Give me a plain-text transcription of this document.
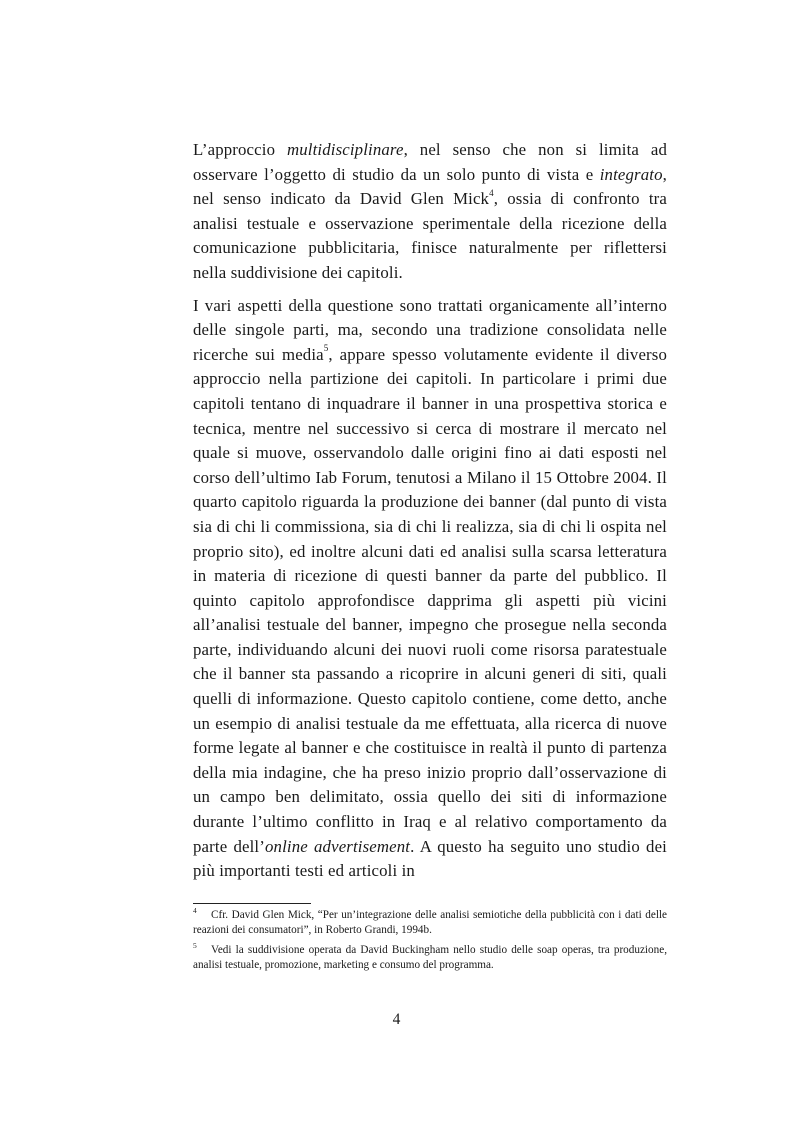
L’approccio multidisciplinare, nel senso che non si limita ad osservare l’oggetto di studio da un solo punto di vista e integrato, nel senso indicato da David Glen Mick$^4$, ossia di confronto tra analisi testuale e osservazione sperimentale della ricezione della comunicazione pubblicitaria, finisce naturalmente per riflettersi nella suddivisione dei capitoli.

I vari aspetti della questione sono trattati organicamente all’interno delle singole parti, ma, secondo una tradizione consolidata nelle ricerche sui media$^5$, appare spesso volutamente evidente il diverso approccio nella partizione dei capitoli. In particolare i primi due capitoli tentano di inquadrare il banner in una prospettiva storica e tecnica, mentre nel successivo si cerca di mostrare il mercato nel quale si muove, osservandolo dalle origini fino ai dati esposti nel corso dell’ultimo Iab Forum, tenutosi a Milano il 15 Ottobre 2004. Il quarto capitolo riguarda la produzione dei banner (dal punto di vista sia di chi li commissiona, sia di chi li realizza, sia di chi li ospita nel proprio sito), ed inoltre alcuni dati ed analisi sulla scarsa letteratura in materia di ricezione di questi banner da parte del pubblico. Il quinto capitolo approfondisce dapprima gli aspetti più vicini all’analisi testuale del banner, impegno che prosegue nella seconda parte, individuando alcuni dei nuovi ruoli come risorsa paratestuale che il banner sta passando a ricoprire in alcuni generi di siti, quali quelli di informazione. Questo capitolo contiene, come detto, anche un esempio di analisi testuale da me effettuata, alla ricerca di nuove forme legate al banner e che costituisce in realtà il punto di partenza della mia indagine, che ha preso inizio proprio dall’osservazione di un campo ben delimitato, ossia quello dei siti di informazione durante l’ultimo conflitto in Iraq e al relativo comportamento da parte dell’online advertisement. A questo ha seguito uno studio dei più importanti testi ed articoli in

4 Cfr. David Glen Mick, “Per un’integrazione delle analisi semiotiche della pubblicità con i dati delle reazioni dei consumatori”, in Roberto Grandi, 1994b.

5 Vedi la suddivisione operata da David Buckingham nello studio delle soap operas, tra produzione, analisi testuale, promozione, marketing e consumo del programma.

4
